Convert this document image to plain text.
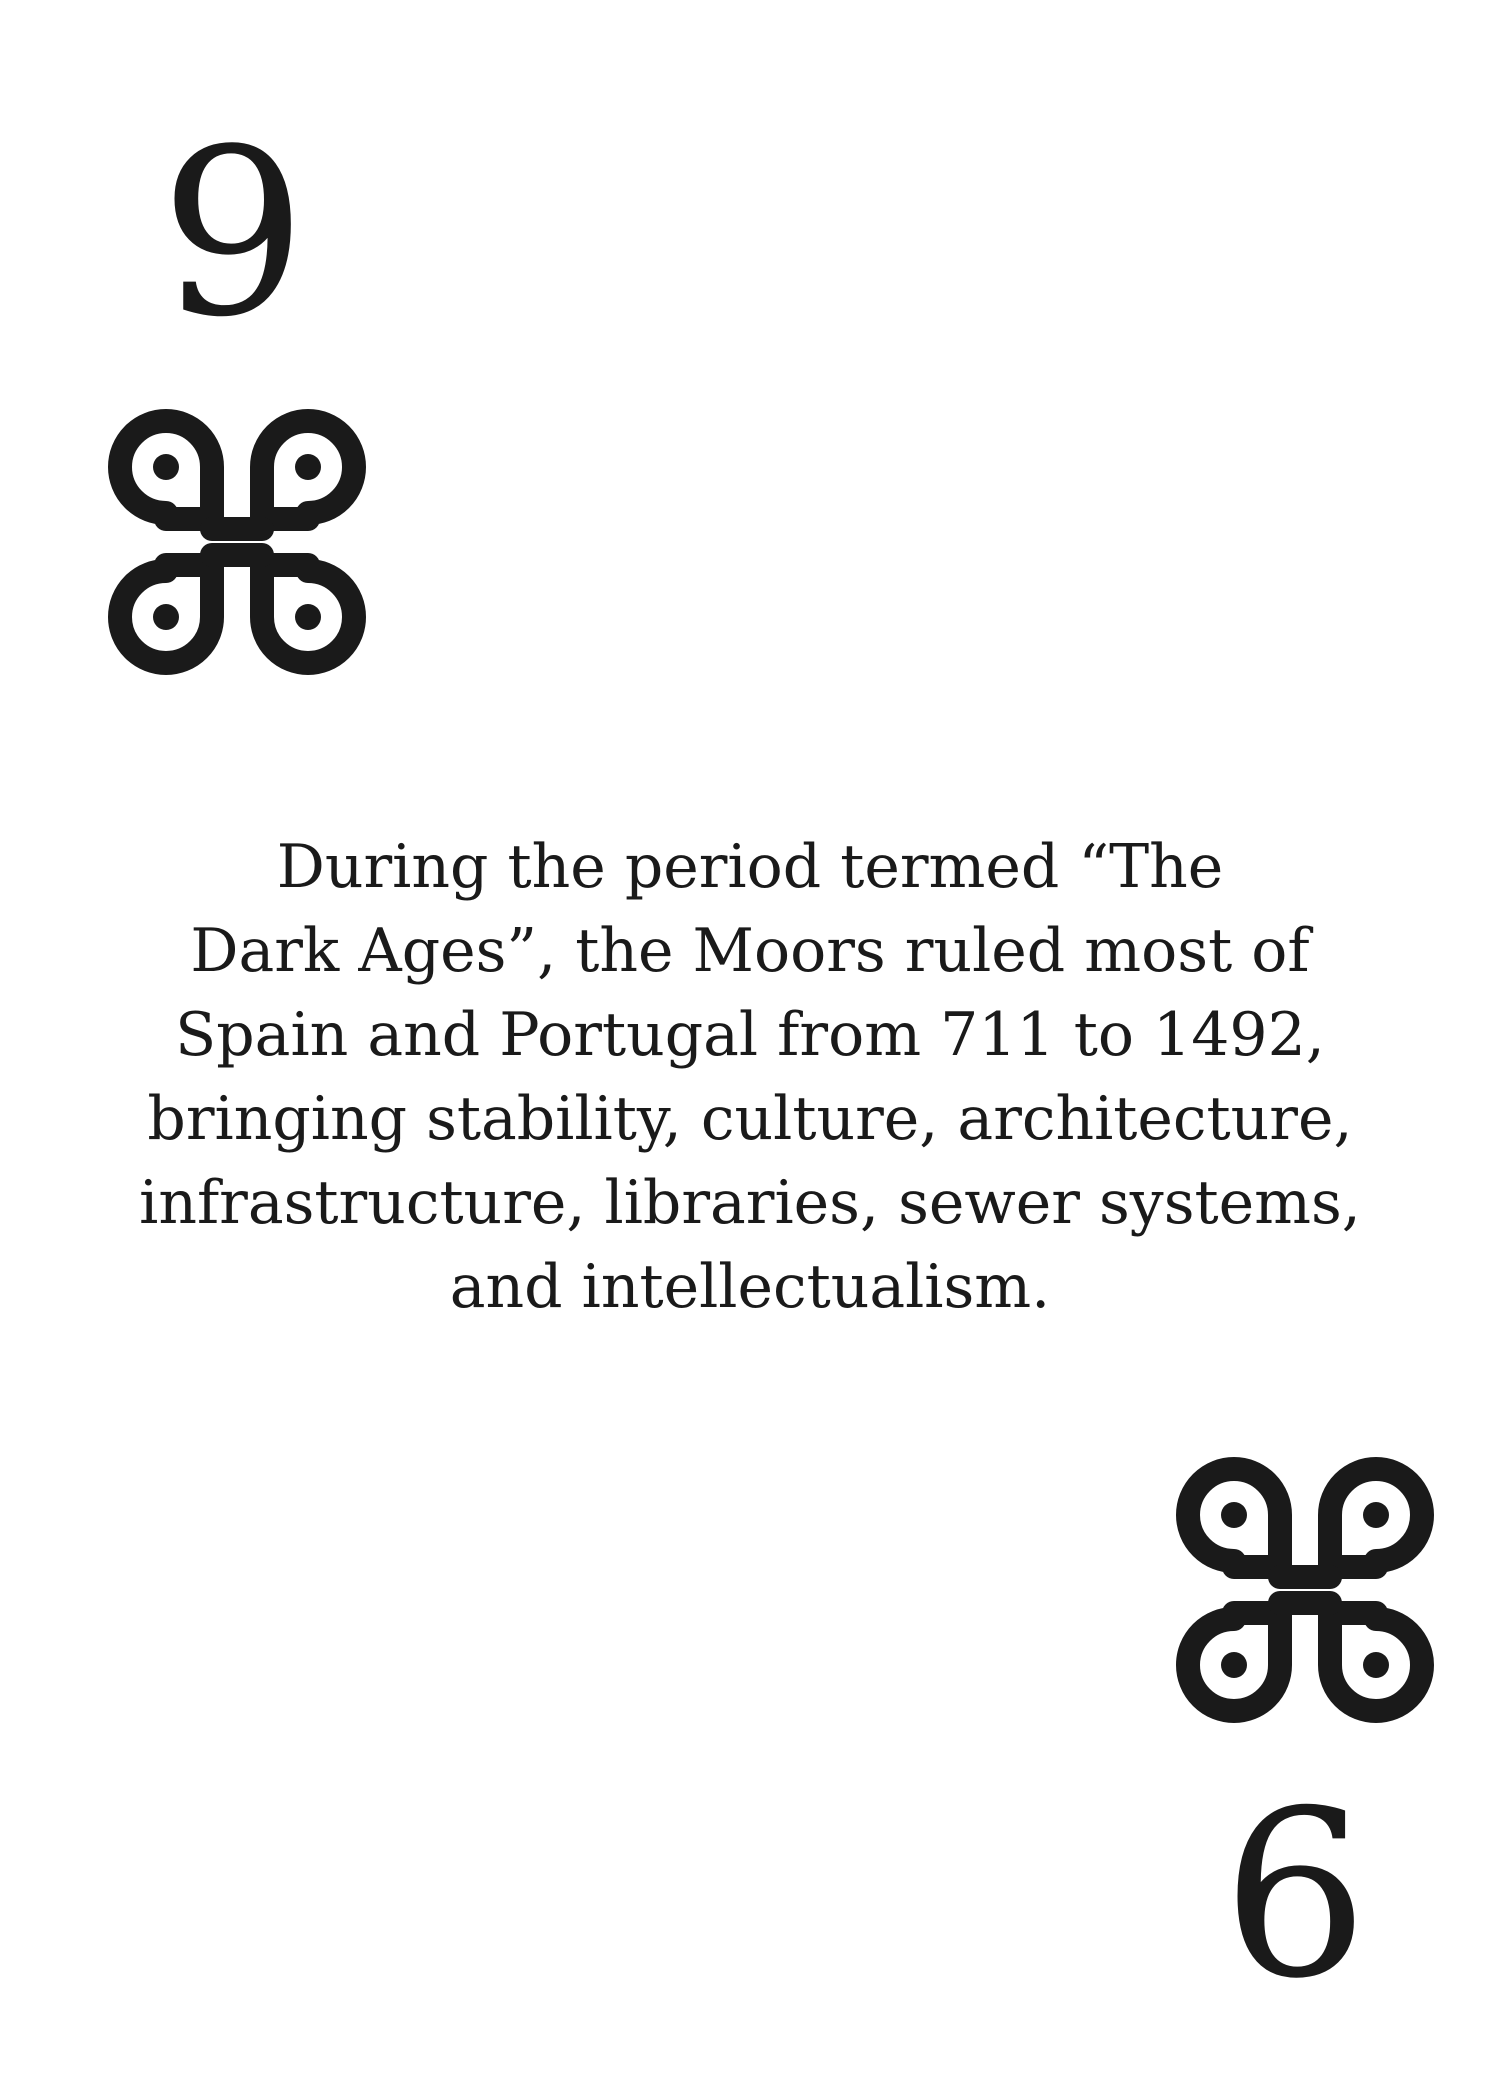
9
During the period termed “The
Dark Ages”, the Moors ruled most of
Spain and Portugal from 711 to 1492,
bringing stability, culture, architecture,
infrastructure, libraries, sewer systems,
and intellectualism.
9
